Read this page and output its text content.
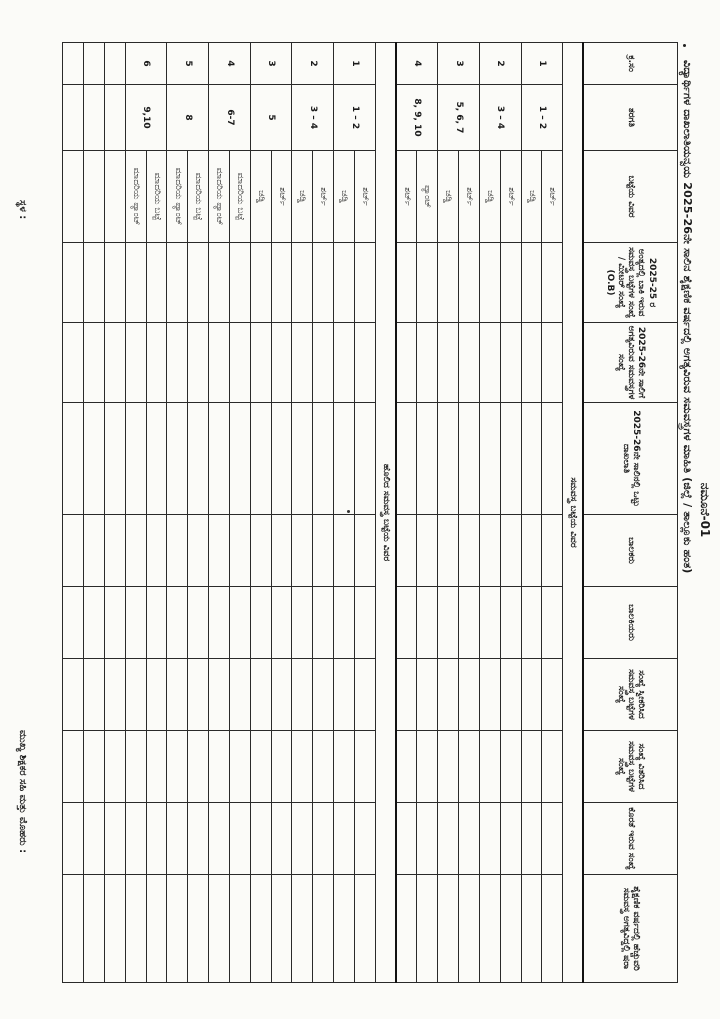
ನಮೂನೆ-01
ವಿದ್ಯಾರ್ಥಿಗಳ ದಾಖಲಾತಿಯನ್ವಯ 2025-26ನೇ ಸಾಲಿನ ಶೈಕ್ಷಣಿಕ ವರ್ಷದಲ್ಲಿ ಅಗತ್ಯವಿರುವ ಸಮವಸ್ತ್ರಗಳ ಮಾಹಿತಿ (ಜಿಲ್ಲೆ / ತಾಲ್ಲೂಕು ಹಂತ)
ಕ್ರ.ಸಂ	ತರಗತಿ	ಬಟ್ಟೆಯ ವಿವರ	2025-25 ರ ಅಂತ್ಯದಲ್ಲಿ ಬಾಕಿ ಇರುವ ಸಮವಸ್ತ್ರ ಬಟ್ಟೆಗಳ ಸಂಖ್ಯೆ / ಮೀಟರ್ ಸಂಖ್ಯೆ (O.B)	2025-26ನೇ ಸಾಲಿಗೆ ಅಗತ್ಯವಿರುವ ಸಮವಸ್ತ್ರಗಳ ಸಂಖ್ಯೆ	2025-26ನೇ ಸಾಲಿನಲ್ಲಿ ಒಟ್ಟು ದಾಖಲಾತಿ	ಬಾಲಕರು	ಬಾಲಕಿಯರು	ಸಂಖ್ಯೆ ಸ್ವೀಕರಿಸಿದ ಸಮವಸ್ತ್ರ ಬಟ್ಟೆಗಳ ಸಂಖ್ಯೆ	ಸಂಖ್ಯೆ ವಿತರಿಸಿದ ಸಮವಸ್ತ್ರ ಬಟ್ಟೆಗಳ ಸಂಖ್ಯೆ	ಕೊರತೆ ಇರುವ ಸಂಖ್ಯೆ	ಶೈಕ್ಷಣಿಕ ವರ್ಷದಲ್ಲಿ ಹೆಚ್ಚುವರಿ ಸಮವಸ್ತ್ರ ಅಗತ್ಯವಿದ್ದಲ್ಲಿ ಷರಾ
ಸಮವಸ್ತ್ರ ಬಟ್ಟೆಯ ವಿವರ											
1	1 – 2	ಶರ್ಟ್									
		ಚಡ್ಡಿ									
2	3 – 4	ಶರ್ಟ್									
		ಚಡ್ಡಿ									
3	5, 6, 7	ಶರ್ಟ್									
		ಚಡ್ಡಿ									
4	8, 9, 10	ಪ್ಯಾಂಟ್									
		ಶರ್ಟ್									
ಹೊಲಿದ ಸಮವಸ್ತ್ರ ಬಟ್ಟೆಯ ವಿವರ											
1	1 – 2	ಶರ್ಟ್									
		ಚಡ್ಡಿ									
2	3 – 4	ಶರ್ಟ್									
		ಚಡ್ಡಿ									
3	5	ಶರ್ಟ್									
		ಚಡ್ಡಿ									
4	6-7	ಮಾದರಿಯ ಬಟ್ಟೆ									
		ಮಾದರಿಯ ಪ್ಯಾಂಟ್									
5	8	ಮಾದರಿಯ ಬಟ್ಟೆ									
		ಮಾದರಿಯ ಪ್ಯಾಂಟ್									
6	9,10	ಮಾದರಿಯ ಬಟ್ಟೆ									
		ಮಾದರಿಯ ಪ್ಯಾಂಟ್									

ಸ್ಥಳ :
ಮುಖ್ಯ ಶಿಕ್ಷಕರ ಸಹಿ ಮತ್ತು ಮೊಹರು :
